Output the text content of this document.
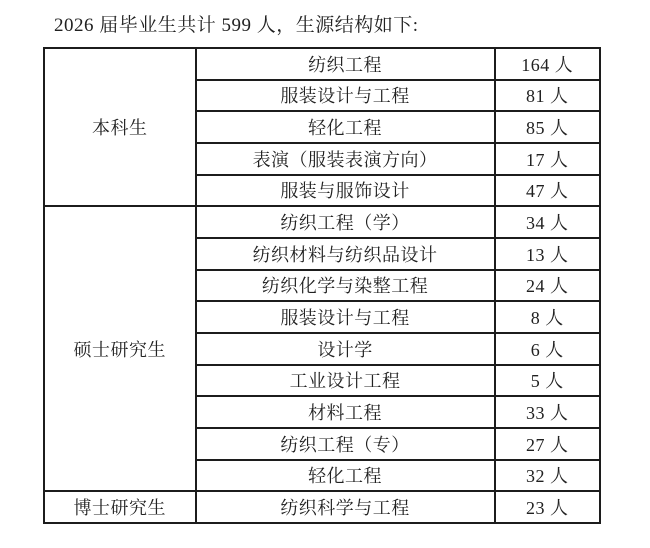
2026 届毕业生共计 599 人，生源结构如下:
本科生	纺织工程	164 人
	服装设计与工程	81 人
	轻化工程	85 人
	表演（服装表演方向）	17 人
	服装与服饰设计	47 人
硕士研究生	纺织工程（学）	34 人
	纺织材料与纺织品设计	13 人
	纺织化学与染整工程	24 人
	服装设计与工程	8 人
	设计学	6 人
	工业设计工程	5 人
	材料工程	33 人
	纺织工程（专）	27 人
	轻化工程	32 人
博士研究生	纺织科学与工程	23 人
